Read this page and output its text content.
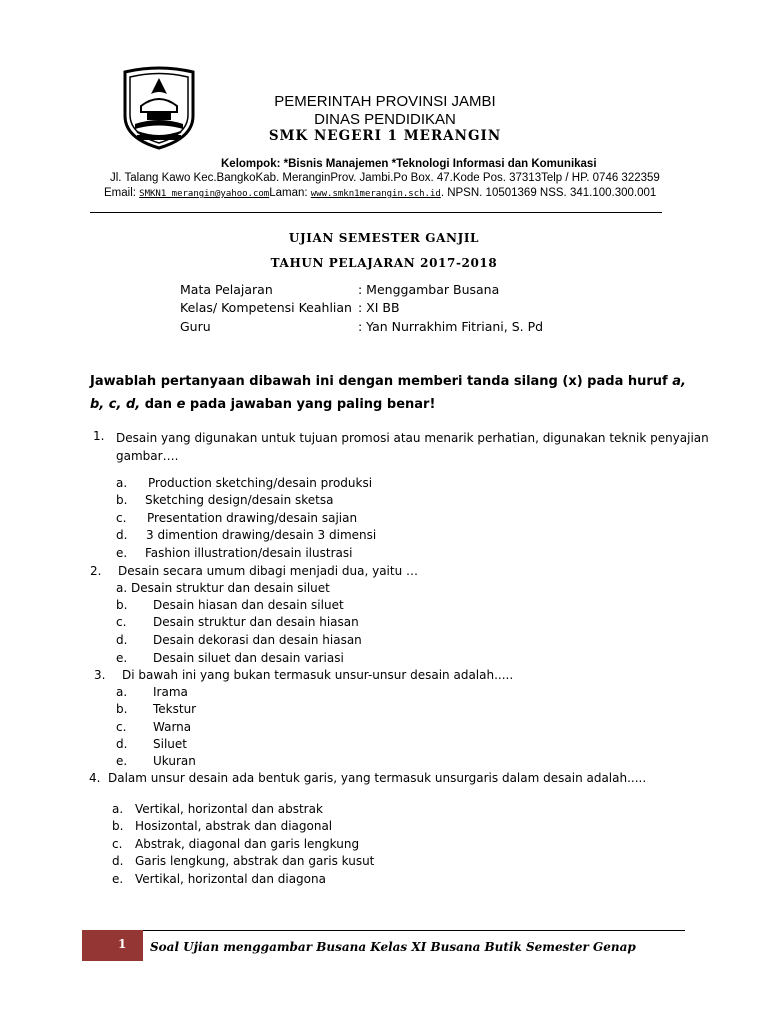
PEMERINTAH PROVINSI JAMBI
DINAS PENDIDIKAN
SMK NEGERI 1 MERANGIN
Kelompok: *Bisnis Manajemen *Teknologi Informasi dan Komunikasi
Jl. Talang Kawo Kec.BangkoKab. MeranginProv. Jambi.Po Box. 47.Kode Pos. 37313Telp / HP. 0746 322359
Email: SMKN1_merangin@yahoo.comLaman: www.smkn1merangin.sch.id. NPSN. 10501369 NSS. 341.100.300.001
UJIAN SEMESTER GANJIL
TAHUN PELAJARAN 2017-2018
Mata Pelajaran	: Menggambar Busana
Kelas/ Kompetensi Keahlian : XI BB
Guru	: Yan Nurrakhim Fitriani, S. Pd
Jawablah pertanyaan dibawah ini dengan memberi tanda silang (x) pada huruf a, b, c, d, dan e pada jawaban yang paling benar!
1. Desain yang digunakan untuk tujuan promosi atau menarik perhatian, digunakan teknik penyajian gambar….
a. Production sketching/desain produksi
b. Sketching design/desain sketsa
c. Presentation drawing/desain sajian
d. 3 dimention drawing/desain 3 dimensi
e. Fashion illustration/desain ilustrasi
2. Desain secara umum dibagi menjadi dua, yaitu …
a. Desain struktur dan desain siluet
b. Desain hiasan dan desain siluet
c. Desain struktur dan desain hiasan
d. Desain dekorasi dan desain hiasan
e. Desain siluet dan desain variasi
3. Di bawah ini yang bukan termasuk unsur-unsur desain adalah.....
a. Irama
b. Tekstur
c. Warna
d. Siluet
e. Ukuran
4. Dalam unsur desain ada bentuk garis, yang termasuk unsurgaris dalam desain adalah.....
a. Vertikal, horizontal dan abstrak
b. Hosizontal, abstrak dan diagonal
c. Abstrak, diagonal dan garis lengkung
d. Garis lengkung, abstrak dan garis kusut
e. Vertikal, horizontal dan diagona
1 Soal Ujian menggambar Busana Kelas XI Busana Butik Semester Genap
